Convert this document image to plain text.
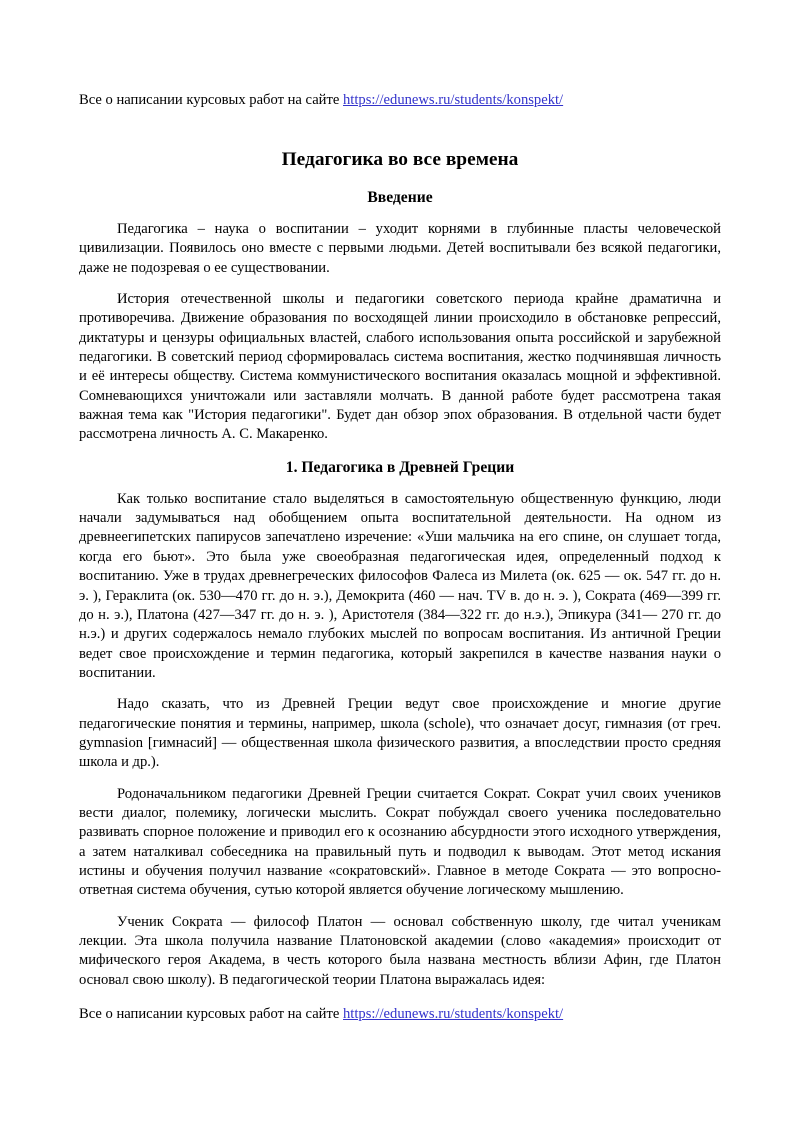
Все о написании курсовых работ на сайте https://edunews.ru/students/konspekt/
Педагогика во все времена
Введение

Педагогика – наука о воспитании – уходит корнями в глубинные пласты человеческой цивилизации. Появилось оно вместе с первыми людьми. Детей воспитывали без всякой педагогики, даже не подозревая о ее существовании.

История отечественной школы и педагогики советского периода крайне драматична и противоречива. Движение образования по восходящей линии происходило в обстановке репрессий, диктатуры и цензуры официальных властей, слабого использования опыта российской и зарубежной педагогики. В советский период сформировалась система воспитания, жестко подчинявшая личность и её интересы обществу. Система коммунистического воспитания оказалась мощной и эффективной. Сомневающихся уничтожали или заставляли молчать. В данной работе будет рассмотрена такая важная тема как "История педагогики". Будет дан обзор эпох образования. В отдельной части будет рассмотрена личность А. С. Макаренко.

1. Педагогика в Древней Греции

Как только воспитание стало выделяться в самостоятельную общественную функцию, люди начали задумываться над обобщением опыта воспитательной деятельности. На одном из древнеегипетских папирусов запечатлено изречение: «Уши мальчика на его спине, он слушает тогда, когда его бьют». Это была уже своеобразная педагогическая идея, определенный подход к воспитанию. Уже в трудах древнегреческих философов Фалеса из Милета (ок. 625 — ок. 547 гг. до н. э. ), Гераклита (ок. 530—470 гг. до н. э.), Демокрита (460 — нач. TV в. до н. э. ), Сократа (469—399 гг. до н. э.), Платона (427—347 гг. до н. э. ), Аристотеля (384—322 гг. до н.э.), Эпикура (341— 270 гг. до н.э.) и других содержалось немало глубоких мыслей по вопросам воспитания. Из античной Греции ведет свое происхождение и термин педагогика, который закрепился в качестве названия науки о воспитании.

Надо сказать, что из Древней Греции ведут свое происхождение и многие другие педагогические понятия и термины, например, школа (schole), что означает досуг, гимназия (от греч. gymnasion [гимнасий] — общественная школа физического развития, а впоследствии просто средняя школа и др.).

Родоначальником педагогики Древней Греции считается Сократ. Сократ учил своих учеников вести диалог, полемику, логически мыслить. Сократ побуждал своего ученика последовательно развивать спорное положение и приводил его к осознанию абсурдности этого исходного утверждения, а затем наталкивал собеседника на правильный путь и подводил к выводам. Этот метод искания истины и обучения получил название «сократовский». Главное в методе Сократа — это вопросно-ответная система обучения, сутью которой является обучение логическому мышлению.

Ученик Сократа — философ Платон — основал собственную школу, где читал ученикам лекции. Эта школа получила название Платоновской академии (слово «академия» происходит от мифического героя Академа, в честь которого была названа местность вблизи Афин, где Платон основал свою школу). В педагогической теории Платона выражалась идея:

Все о написании курсовых работ на сайте https://edunews.ru/students/konspekt/
